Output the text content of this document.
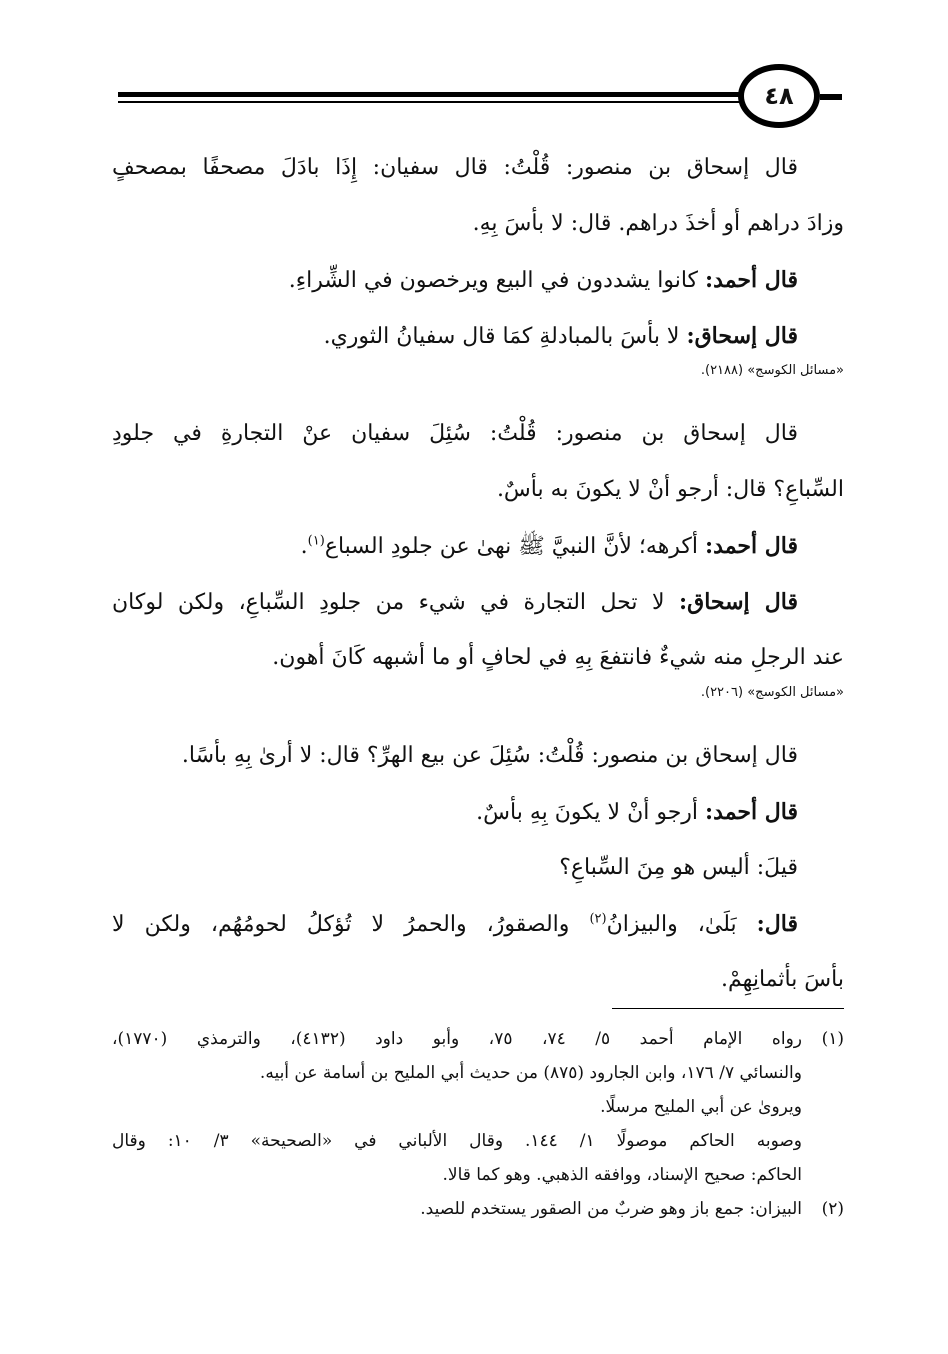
٤٨
قال إسحاق بن منصور: قُلْتُ: قال سفيان: إِذَا بادَلَ مصحفًا بمصحفٍ
وزادَ دراهم أو أخذَ دراهم. قال: لا بأسَ بِهِ.
قال أحمد: كانوا يشددون في البيع ويرخصون في الشِّراءِ.
قال إسحاق: لا بأسَ بالمبادلةِ كمَا قال سفيانُ الثوري.
«مسائل الكوسج» (٢١٨٨).
قال إسحاق بن منصور: قُلْتُ: سُئِلَ سفيان عنْ التجارةِ في جلودِ
السِّباعِ؟ قال: أرجو أنْ لا يكونَ به بأسٌ.
قال أحمد: أكرهه؛ لأنَّ النبيَّ ﷺ نهىٰ عن جلودِ السباع$^{(١)}$.
قال إسحاق: لا تحل التجارة في شيء من جلودِ السِّباعِ، ولكن لوكان
عند الرجلِ منه شيءٌ فانتفعَ بِهِ في لحافٍ أو ما أشبهه كَانَ أهون.
«مسائل الكوسج» (٢٢٠٦).
قال إسحاق بن منصور: قُلْتُ: سُئِلَ عن بيع الهرِّ؟ قال: لا أرىٰ بِهِ بأسًا.
قال أحمد: أرجو أنْ لا يكونَ بِهِ بأسٌ.
قيلَ: أليس هو مِنَ السِّباعِ؟
قال: بَلَىٰ، والبيزانُ$^{(٢)}$ والصقورُ، والحمرُ لا تُؤكلُ لحومُهُم، ولكن لا
بأسَ بأثمانِهِمْ.
(١)رواه الإمام أحمد ٥/ ٧٤، ٧٥، وأبو داود (٤١٣٢)، والترمذي (١٧٧٠)،
والنسائي ٧/ ١٧٦، وابن الجارود (٨٧٥) من حديث أبي المليح بن أسامة عن أبيه.
ويروىٰ عن أبي المليح مرسلًا.
وصوبه الحاكم موصولًا ١/ ١٤٤. وقال الألباني في «الصحيحة» ٣/ ١٠: وقال
الحاكم: صحيح الإسناد، ووافقه الذهبي. وهو كما قالا.
(٢)البيزان: جمع باز وهو ضربٌ من الصقور يستخدم للصيد.
